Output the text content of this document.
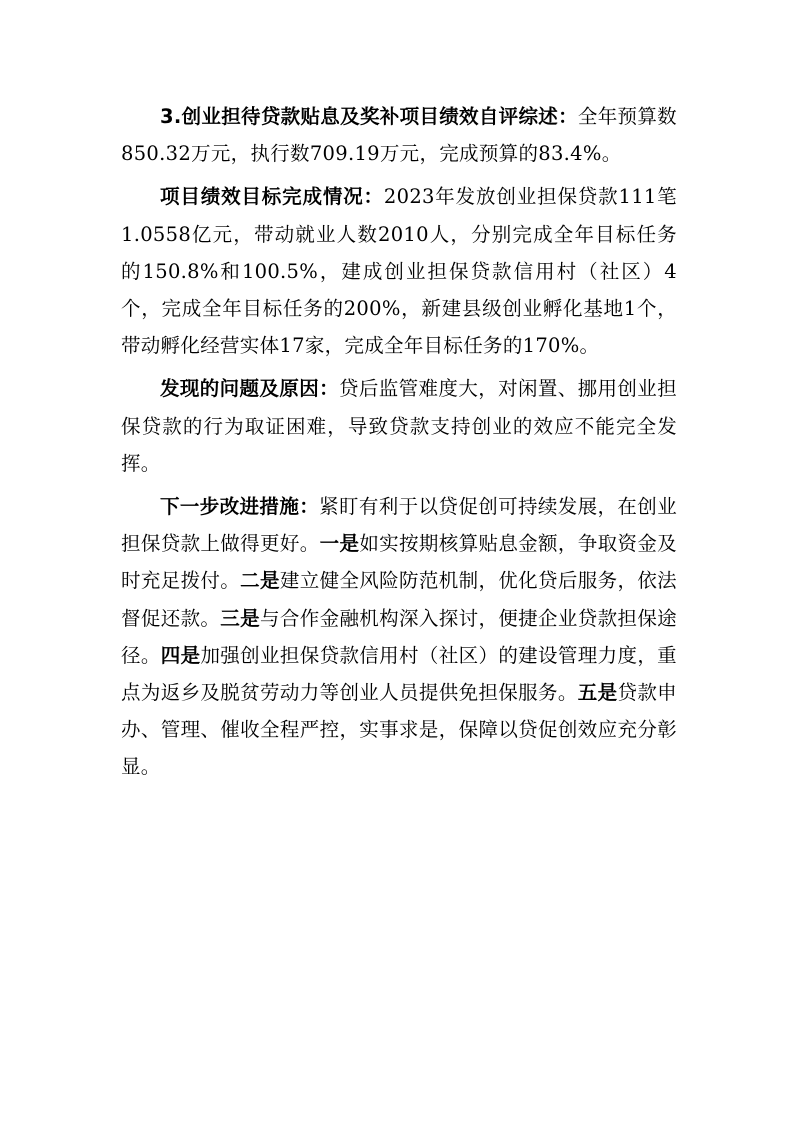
3.创业担待贷款贴息及奖补项目绩效自评综述：全年预算数850.32万元，执行数709.19万元，完成预算的83.4%。

项目绩效目标完成情况：2023年发放创业担保贷款111笔1.0558亿元，带动就业人数2010人，分别完成全年目标任务的150.8%和100.5%，建成创业担保贷款信用村（社区）4个，完成全年目标任务的200%，新建县级创业孵化基地1个，带动孵化经营实体17家，完成全年目标任务的170%。

发现的问题及原因：贷后监管难度大，对闲置、挪用创业担保贷款的行为取证困难，导致贷款支持创业的效应不能完全发挥。

下一步改进措施：紧盯有利于以贷促创可持续发展，在创业担保贷款上做得更好。一是如实按期核算贴息金额，争取资金及时充足拨付。二是建立健全风险防范机制，优化贷后服务，依法督促还款。三是与合作金融机构深入探讨，便捷企业贷款担保途径。四是加强创业担保贷款信用村（社区）的建设管理力度，重点为返乡及脱贫劳动力等创业人员提供免担保服务。五是贷款申办、管理、催收全程严控，实事求是，保障以贷促创效应充分彰显。
